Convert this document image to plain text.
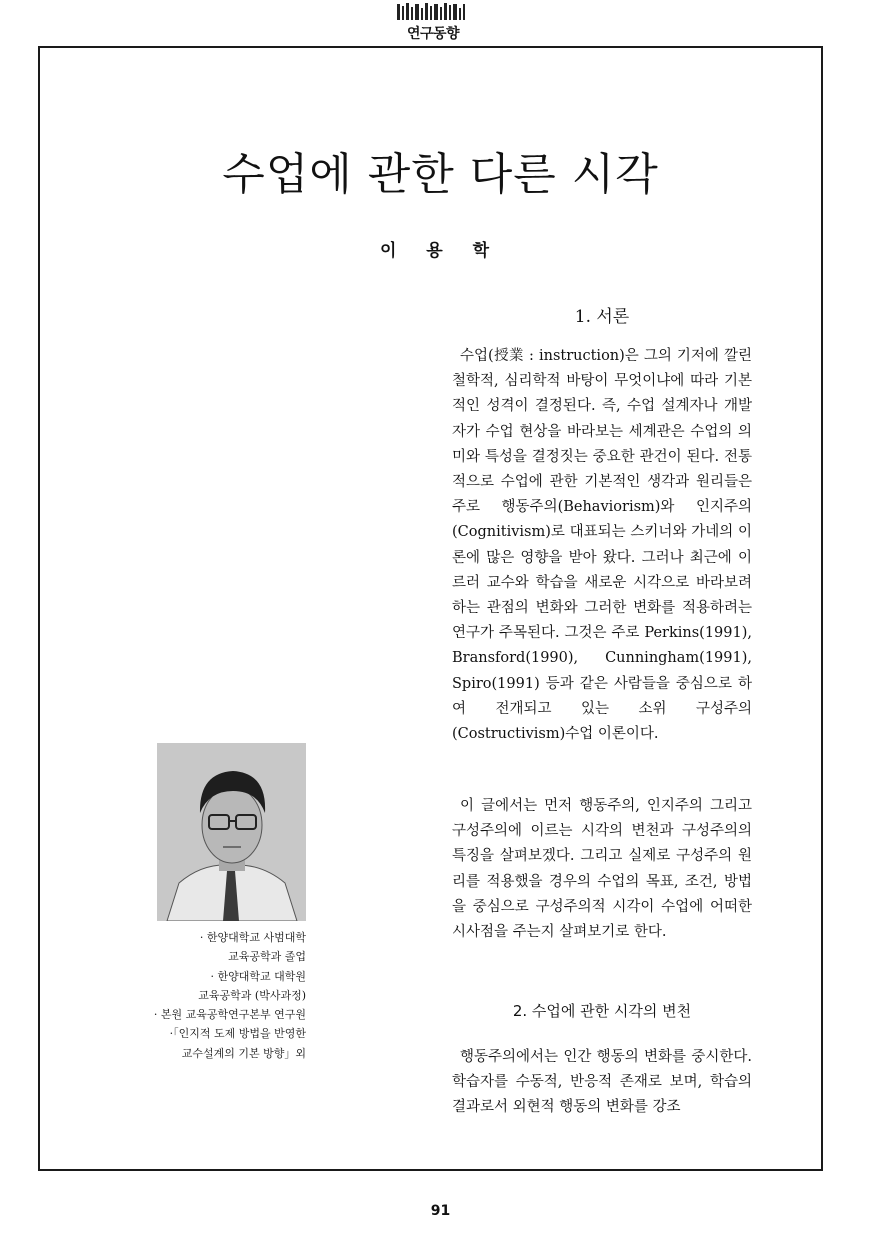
연구동향
수업에 관한 다른 시각
이 용 학
1. 서론

수업(授業 : instruction)은 그의 기저에 깔린 철학적, 심리학적 바탕이 무엇이냐에 따라 기본적인 성격이 결정된다. 즉, 수업 설계자나 개발자가 수업 현상을 바라보는 세계관은 수업의 의미와 특성을 결정짓는 중요한 관건이 된다. 전통적으로 수업에 관한 기본적인 생각과 원리들은 주로 행동주의(Behaviorism)와 인지주의(Cognitivism)로 대표되는 스키너와 가네의 이론에 많은 영향을 받아 왔다. 그러나 최근에 이르러 교수와 학습을 새로운 시각으로 바라보려 하는 관점의 변화와 그러한 변화를 적용하려는 연구가 주목된다. 그것은 주로 Perkins(1991), Bransford(1990), Cunningham(1991), Spiro(1991) 등과 같은 사람들을 중심으로 하여 전개되고 있는 소위 구성주의(Costructivism)수업 이론이다.

이 글에서는 먼저 행동주의, 인지주의 그리고 구성주의에 이르는 시각의 변천과 구성주의의 특징을 살펴보겠다. 그리고 실제로 구성주의 원리를 적용했을 경우의 수업의 목표, 조건, 방법을 중심으로 구성주의적 시각이 수업에 어떠한 시사점을 주는지 살펴보기로 한다.

2. 수업에 관한 시각의 변천

행동주의에서는 인간 행동의 변화를 중시한다. 학습자를 수동적, 반응적 존재로 보며, 학습의 결과로서 외현적 행동의 변화를 강조

· 한양대학교 사범대학
교육공학과 졸업
· 한양대학교 대학원
교육공학과 (박사과정)
· 본원 교육공학연구본부 연구원
·「인지적 도제 방법을 반영한
교수설계의 기본 방향」외
91
